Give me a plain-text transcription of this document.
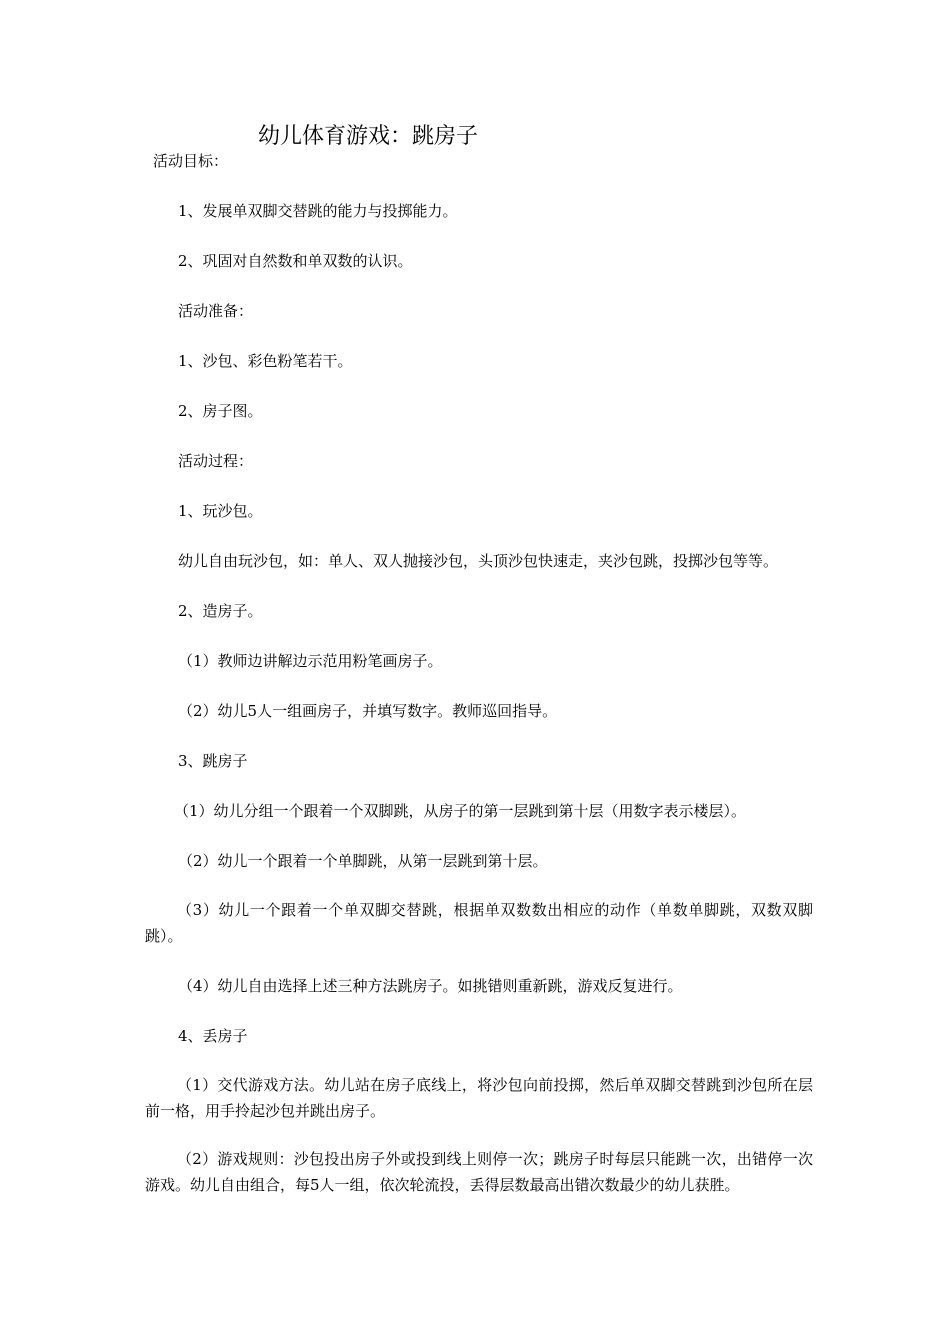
幼儿体育游戏：跳房子
活动目标：
1、发展单双脚交替跳的能力与投掷能力。
2、巩固对自然数和单双数的认识。
活动准备：
1、沙包、彩色粉笔若干。
2、房子图。
活动过程：
1、玩沙包。
幼儿自由玩沙包，如：单人、双人抛接沙包，头顶沙包快速走，夹沙包跳，投掷沙包等等。
2、造房子。
（1）教师边讲解边示范用粉笔画房子。
（2）幼儿5人一组画房子，并填写数字。教师巡回指导。
3、跳房子
（1）幼儿分组一个跟着一个双脚跳，从房子的第一层跳到第十层（用数字表示楼层）。
（2）幼儿一个跟着一个单脚跳，从第一层跳到第十层。
（3）幼儿一个跟着一个单双脚交替跳，根据单双数数出相应的动作（单数单脚跳，双数双脚跳）。
（4）幼儿自由选择上述三种方法跳房子。如挑错则重新跳，游戏反复进行。
4、丢房子
（1）交代游戏方法。幼儿站在房子底线上，将沙包向前投掷，然后单双脚交替跳到沙包所在层前一格，用手拎起沙包并跳出房子。
（2）游戏规则：沙包投出房子外或投到线上则停一次；跳房子时每层只能跳一次，出错停一次游戏。幼儿自由组合，每5人一组，依次轮流投，丢得层数最高出错次数最少的幼儿获胜。
